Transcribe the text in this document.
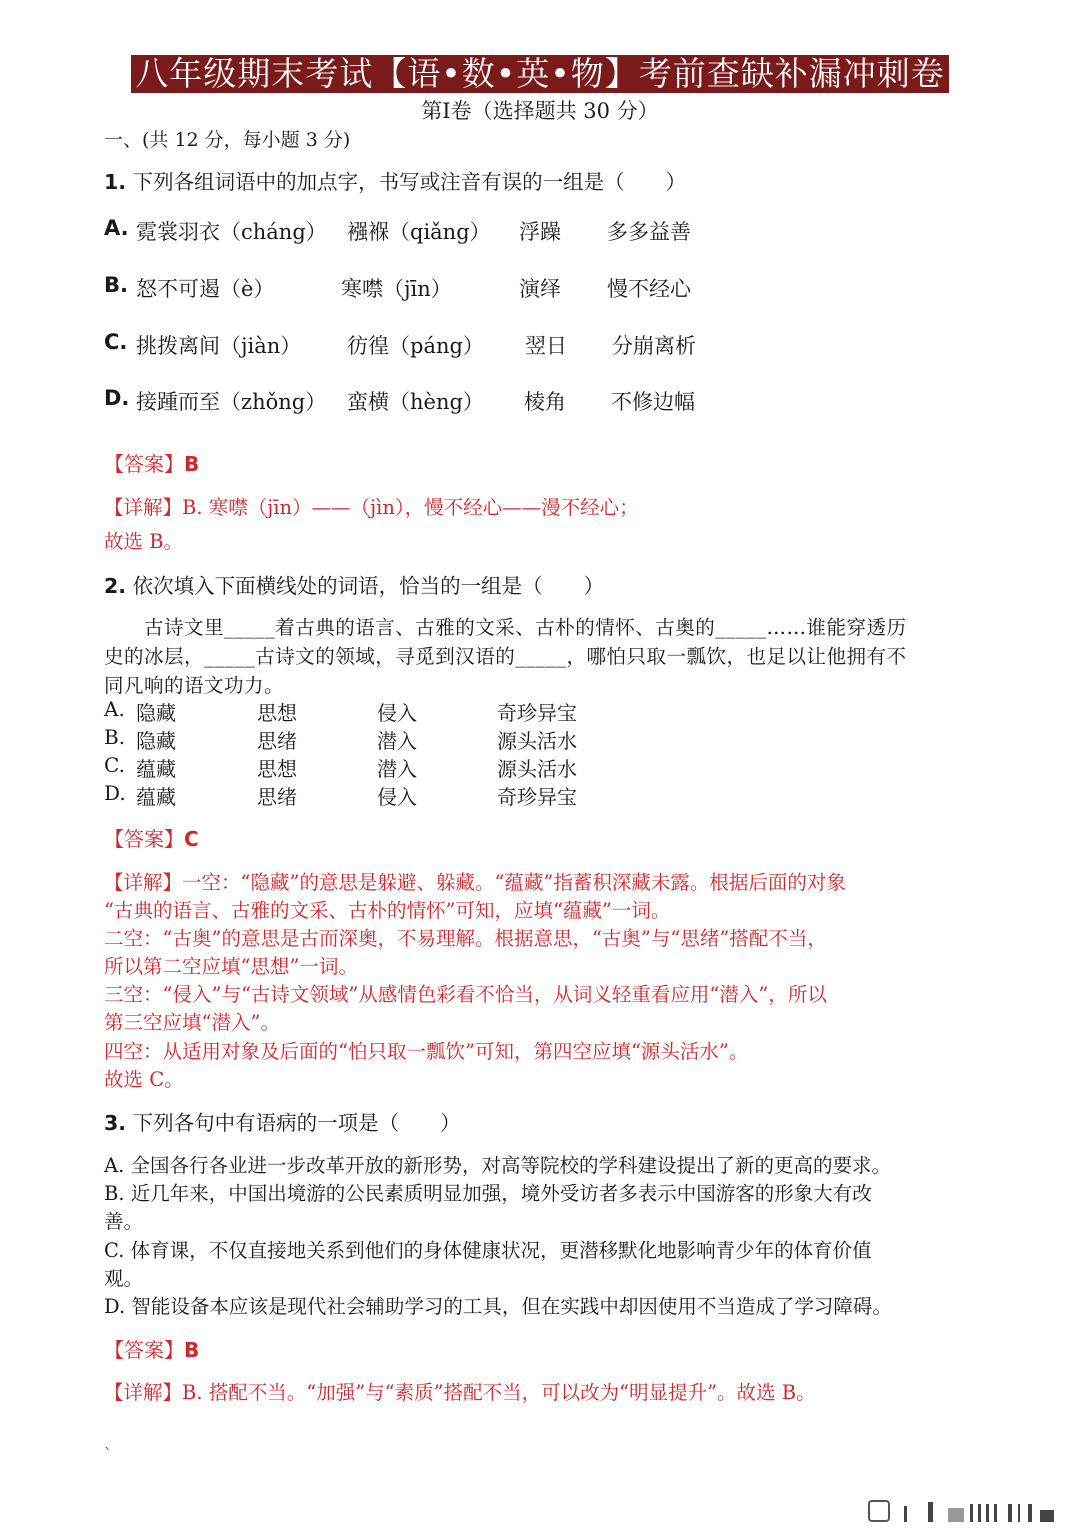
八年级期末考试【语•数•英•物】考前查缺补漏冲刺卷
第Ⅰ卷（选择题共 30 分）
一、(共 12 分，每小题 3 分)
1. 下列各组词语中的加点字，书写或注音有误的一组是（　　）
A. 霓裳羽衣（cháng） 襁褓（qiǎng） 浮躁 多多益善
B. 怒不可遏（è）	寒噤（jīn）	演绎 慢不经心
C. 挑拨离间（jiàn） 彷徨（páng） 翌日 分崩离析
D. 接踵而至（zhǒng） 蛮横（hèng） 棱角 不修边幅
【答案】B
【详解】B. 寒噤（jīn）——（jìn），慢不经心——漫不经心；
故选 B。
2. 依次填入下面横线处的词语，恰当的一组是（　　）
　　古诗文里_____着古典的语言、古雅的文采、古朴的情怀、古奥的_____……谁能穿透历
史的冰层，_____古诗文的领域，寻觅到汉语的_____，哪怕只取一瓢饮，也足以让他拥有不
同凡响的语文功力。
A. 隐藏	思想	侵入	奇珍异宝
B. 隐藏	思绪	潜入	源头活水
C. 蕴藏	思想	潜入	源头活水
D. 蕴藏	思绪	侵入	奇珍异宝
【答案】C
【详解】一空：“隐藏”的意思是躲避、躲藏。“蕴藏”指蓄积深藏未露。根据后面的对象
“古典的语言、古雅的文采、古朴的情怀”可知，应填“蕴藏”一词。
二空：“古奥”的意思是古而深奥，不易理解。根据意思，“古奥”与“思绪”搭配不当，
所以第二空应填“思想”一词。
三空：“侵入”与“古诗文领域”从感情色彩看不恰当，从词义轻重看应用“潜入”，所以
第三空应填“潜入”。
四空：从适用对象及后面的“怕只取一瓢饮”可知，第四空应填“源头活水”。
故选 C。
3. 下列各句中有语病的一项是（　　）
A. 全国各行各业进一步改革开放的新形势，对高等院校的学科建设提出了新的更高的要求。
B. 近几年来，中国出境游的公民素质明显加强，境外受访者多表示中国游客的形象大有改
善。
C. 体育课，不仅直接地关系到他们的身体健康状况，更潜移默化地影响青少年的体育价值
观。
D. 智能设备本应该是现代社会辅助学习的工具，但在实践中却因使用不当造成了学习障碍。
【答案】B
【详解】B. 搭配不当。“加强”与“素质”搭配不当，可以改为“明显提升”。故选 B。
`
